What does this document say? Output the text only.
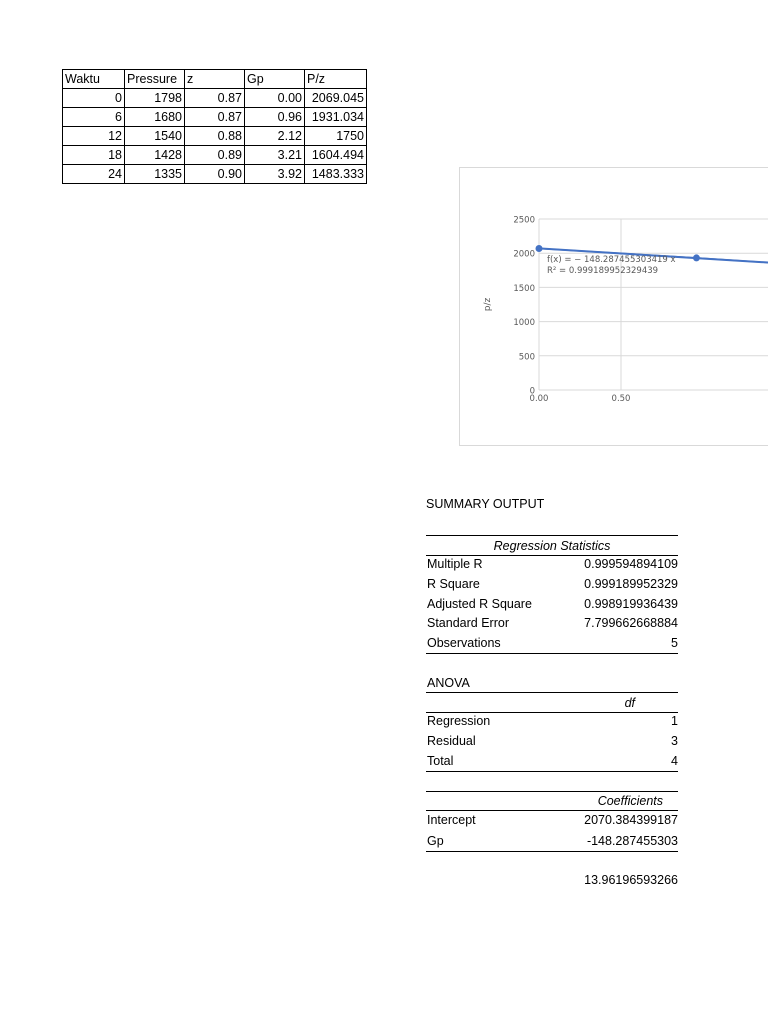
Waktu	Pressure	z	Gp	P/z
0	1798	0.87	0.00	2069.045
6	1680	0.87	0.96	1931.034
12	1540	0.88	2.12	1750
18	1428	0.89	3.21	1604.494
24	1335	0.90	3.92	1483.333
2500
2000
1500
1000
500
0
0.00	0.50
p/z
f(x) = − 148.287455303419 x
R² = 0.999189952329439
SUMMARY OUTPUT
Regression Statistics
Multiple R	0.999594894109
R Square	0.999189952329
Adjusted R Square	0.998919936439
Standard Error	7.799662668884
Observations	5
ANOVA
df
Regression	1
Residual	3
Total	4
Coefficients
Intercept	2070.384399187
Gp	-148.287455303
13.96196593266
